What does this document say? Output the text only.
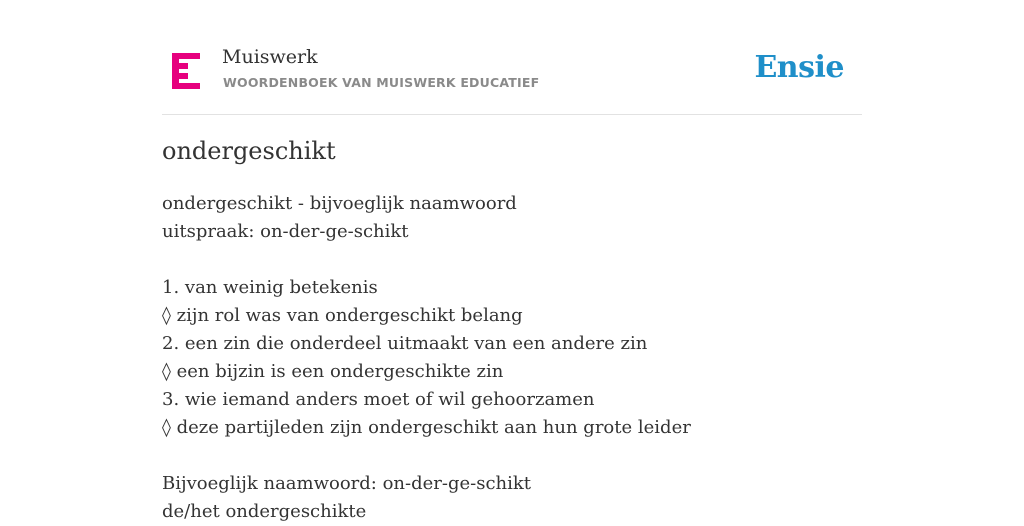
Muiswerk
WOORDENBOEK VAN MUISWERK EDUCATIEF	Ensie
ondergeschikt
ondergeschikt - bijvoeglijk naamwoord
uitspraak: on-der-ge-schikt
1. van weinig betekenis
◊ zijn rol was van ondergeschikt belang
2. een zin die onderdeel uitmaakt van een andere zin
◊ een bijzin is een ondergeschikte zin
3. wie iemand anders moet of wil gehoorzamen
◊ deze partijleden zijn ondergeschikt aan hun grote leider
Bijvoeglijk naamwoord: on-der-ge-schikt
de/het ondergeschikte
